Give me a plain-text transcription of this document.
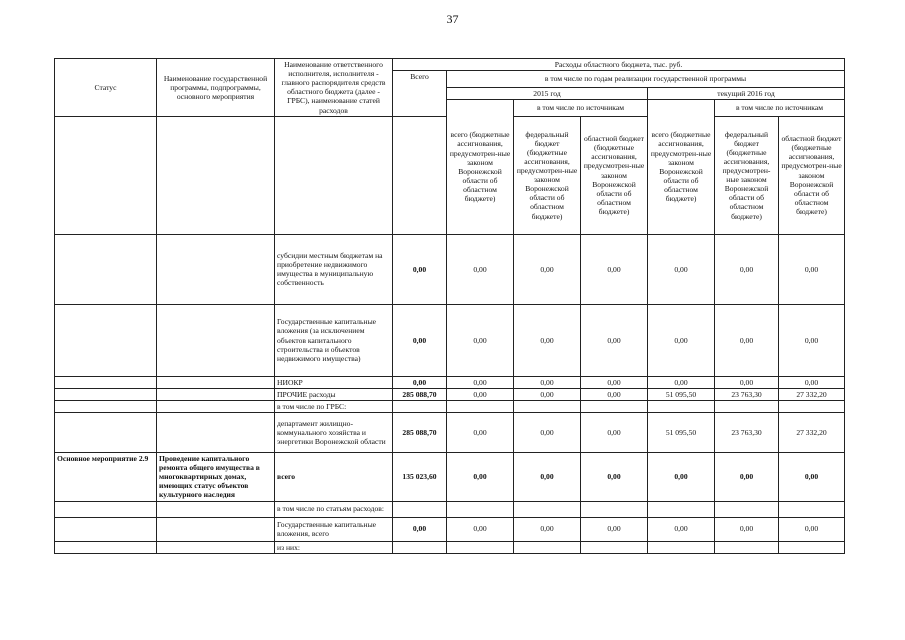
37
Статус	Наименование государственной программы, подпрограммы, основного мероприятия	Наименование ответственного исполнителя, исполнителя - главного распорядителя средств областного бюджета (далее - ГРБС), наименование статей расходов	Расходы областного бюджета, тыс. руб.						
			Всего	в том числе по годам реализации государственной программы					
				2015 год			текущий 2016 год		
				всего (бюджетные ассигнования, предусмотрен-ные законом Воронежской области об областном бюджете)	в том числе по источникам		всего (бюджетные ассигнования, предусмотрен-ные законом Воронежской области об областном бюджете)	в том числе по источникам	
					федеральный бюджет (бюджетные ассигнования, предусмотрен-ные законом Воронежской области об областном бюджете)	областной бюджет (бюджетные ассигнования, предусмотрен-ные законом Воронежской области об областном бюджете)		федеральный бюджет (бюджетные ассигнования, предусмотрен-ные законом Воронежской области об областном бюджете)	областной бюджет (бюджетные ассигнования, предусмотрен-ные законом Воронежской области об областном бюджете)
		субсидии местным бюджетам на приобретение недвижимого имущества в муниципальную собственность	0,00	0,00	0,00	0,00	0,00	0,00	0,00
		Государственные капитальные вложения (за исключением объектов капитального строительства и объектов недвижимого имущества)	0,00	0,00	0,00	0,00	0,00	0,00	0,00
		НИОКР	0,00	0,00	0,00	0,00	0,00	0,00	0,00
		ПРОЧИЕ расходы	285 088,70	0,00	0,00	0,00	51 095,50	23 763,30	27 332,20
		в том числе по ГРБС:							
		департамент жилищно-коммунального хозяйства и энергетики Воронежской области	285 088,70	0,00	0,00	0,00	51 095,50	23 763,30	27 332,20
Основное мероприятие 2.9	Проведение капитального ремонта общего имущества в многоквартирных домах, имеющих статус объектов культурного наследия	всего	135 023,60	0,00	0,00	0,00	0,00	0,00	0,00
		в том числе по статьям расходов:							
		Государственные капитальные вложения, всего	0,00	0,00	0,00	0,00	0,00	0,00	0,00
		из них:							
